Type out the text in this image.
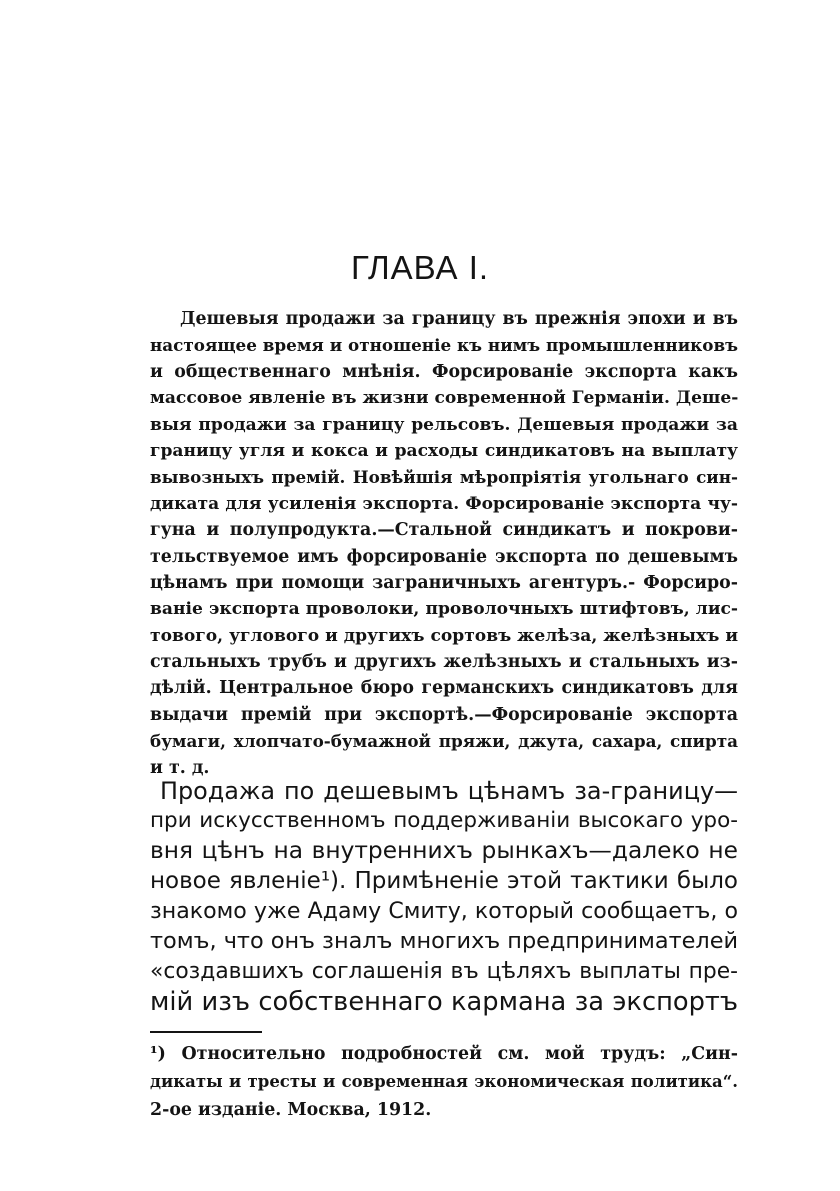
ГЛАВА I.
Дешевыя продажи за границу въ прежнія эпохи и въ
настоящее время и отношеніе къ нимъ промышленниковъ
и общественнаго мнѣнія. Форсированіе экспорта какъ
массовое явленіе въ жизни современной Германіи. Деше-
выя продажи за границу рельсовъ. Дешевыя продажи за
границу угля и кокса и расходы синдикатовъ на выплату
вывозныхъ премій. Новѣйшія мѣропріятія угольнаго син-
диката для усиленія экспорта. Форсированіе экспорта чу-
гуна и полупродукта.—Стальной синдикатъ и покрови-
тельствуемое имъ форсированіе экспорта по дешевымъ
цѣнамъ при помощи заграничныхъ агентуръ.- Форсиро-
ваніе экспорта проволоки, проволочныхъ штифтовъ, лис-
тового, углового и другихъ сортовъ желѣза, желѣзныхъ и
стальныхъ трубъ и другихъ желѣзныхъ и стальныхъ из-
дѣлій. Центральное бюро германскихъ синдикатовъ для
выдачи премій при экспортѣ.—Форсированіе экспорта
бумаги, хлопчато-бумажной пряжи, джута, сахара, спирта
и т. д.
Продажа по дешевымъ цѣнамъ за-границу—
при искусственномъ поддерживаніи высокаго уро-
вня цѣнъ на внутреннихъ рынкахъ—далеко не
новое явленіе¹). Примѣненіе этой тактики было
знакомо уже Адаму Смиту, который сообщаетъ, о
томъ, что онъ зналъ многихъ предпринимателей
«создавшихъ соглашенія въ цѣляхъ выплаты пре-
мій изъ собственнаго кармана за экспортъ
¹) Относительно подробностей см. мой трудъ: „Син-
дикаты и тресты и современная экономическая политика“.
2-ое изданіе. Москва, 1912.
